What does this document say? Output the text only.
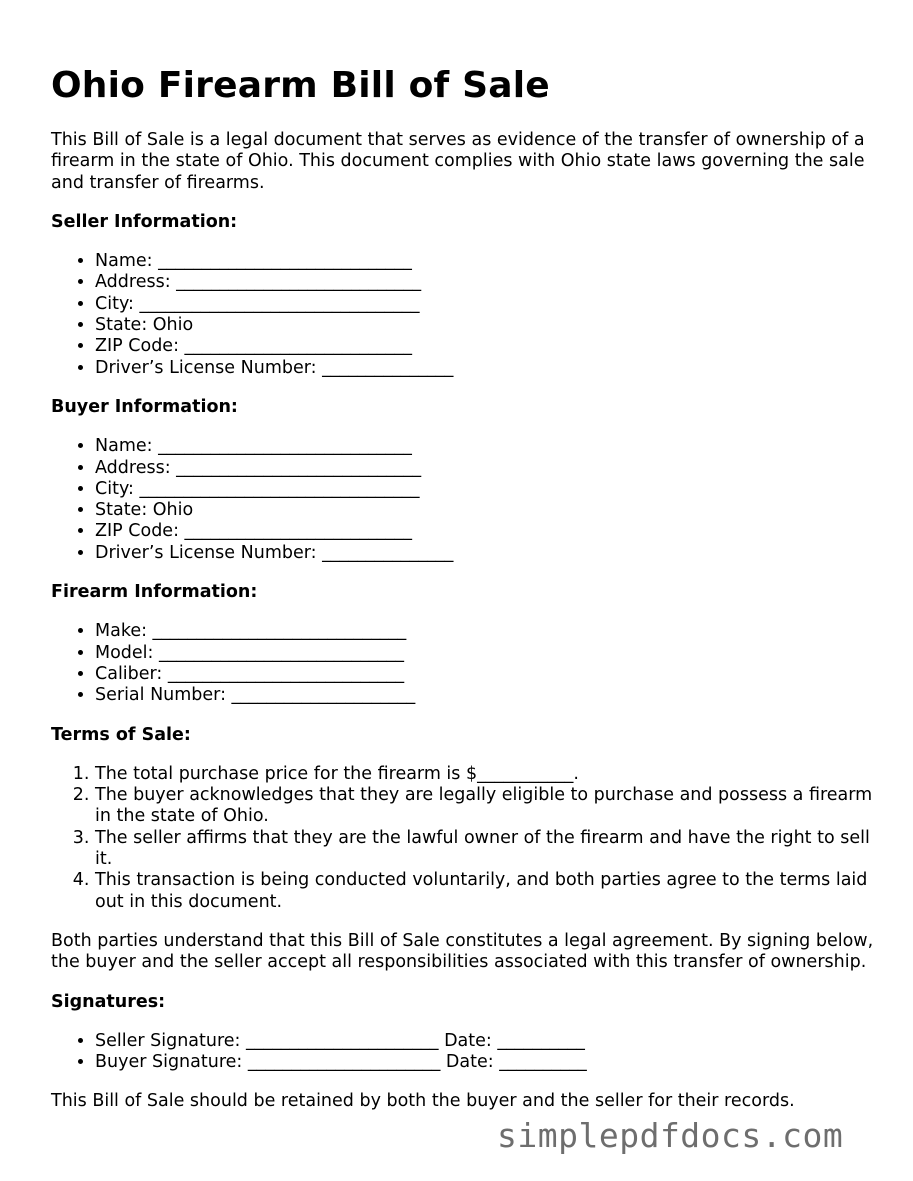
Ohio Firearm Bill of Sale

This Bill of Sale is a legal document that serves as evidence of the transfer of ownership of a firearm in the state of Ohio. This document complies with Ohio state laws governing the sale and transfer of firearms.

Seller Information:
• Name: _____________________________
• Address: ____________________________
• City: ________________________________
• State: Ohio
• ZIP Code: __________________________
• Driver’s License Number: _______________
Buyer Information:
• Name: _____________________________
• Address: ____________________________
• City: ________________________________
• State: Ohio
• ZIP Code: __________________________
• Driver’s License Number: _______________
Firearm Information:
• Make: _____________________________
• Model: ____________________________
• Caliber: ___________________________
• Serial Number: _____________________
Terms of Sale:
1. The total purchase price for the firearm is $___________.
2. The buyer acknowledges that they are legally eligible to purchase and possess a firearm in the state of Ohio.
3. The seller affirms that they are the lawful owner of the firearm and have the right to sell it.
4. This transaction is being conducted voluntarily, and both parties agree to the terms laid out in this document.

Both parties understand that this Bill of Sale constitutes a legal agreement. By signing below, the buyer and the seller accept all responsibilities associated with this transfer of ownership.

Signatures:
• Seller Signature: ______________________ Date: __________
• Buyer Signature: ______________________ Date: __________

This Bill of Sale should be retained by both the buyer and the seller for their records.

simplepdfdocs.com
